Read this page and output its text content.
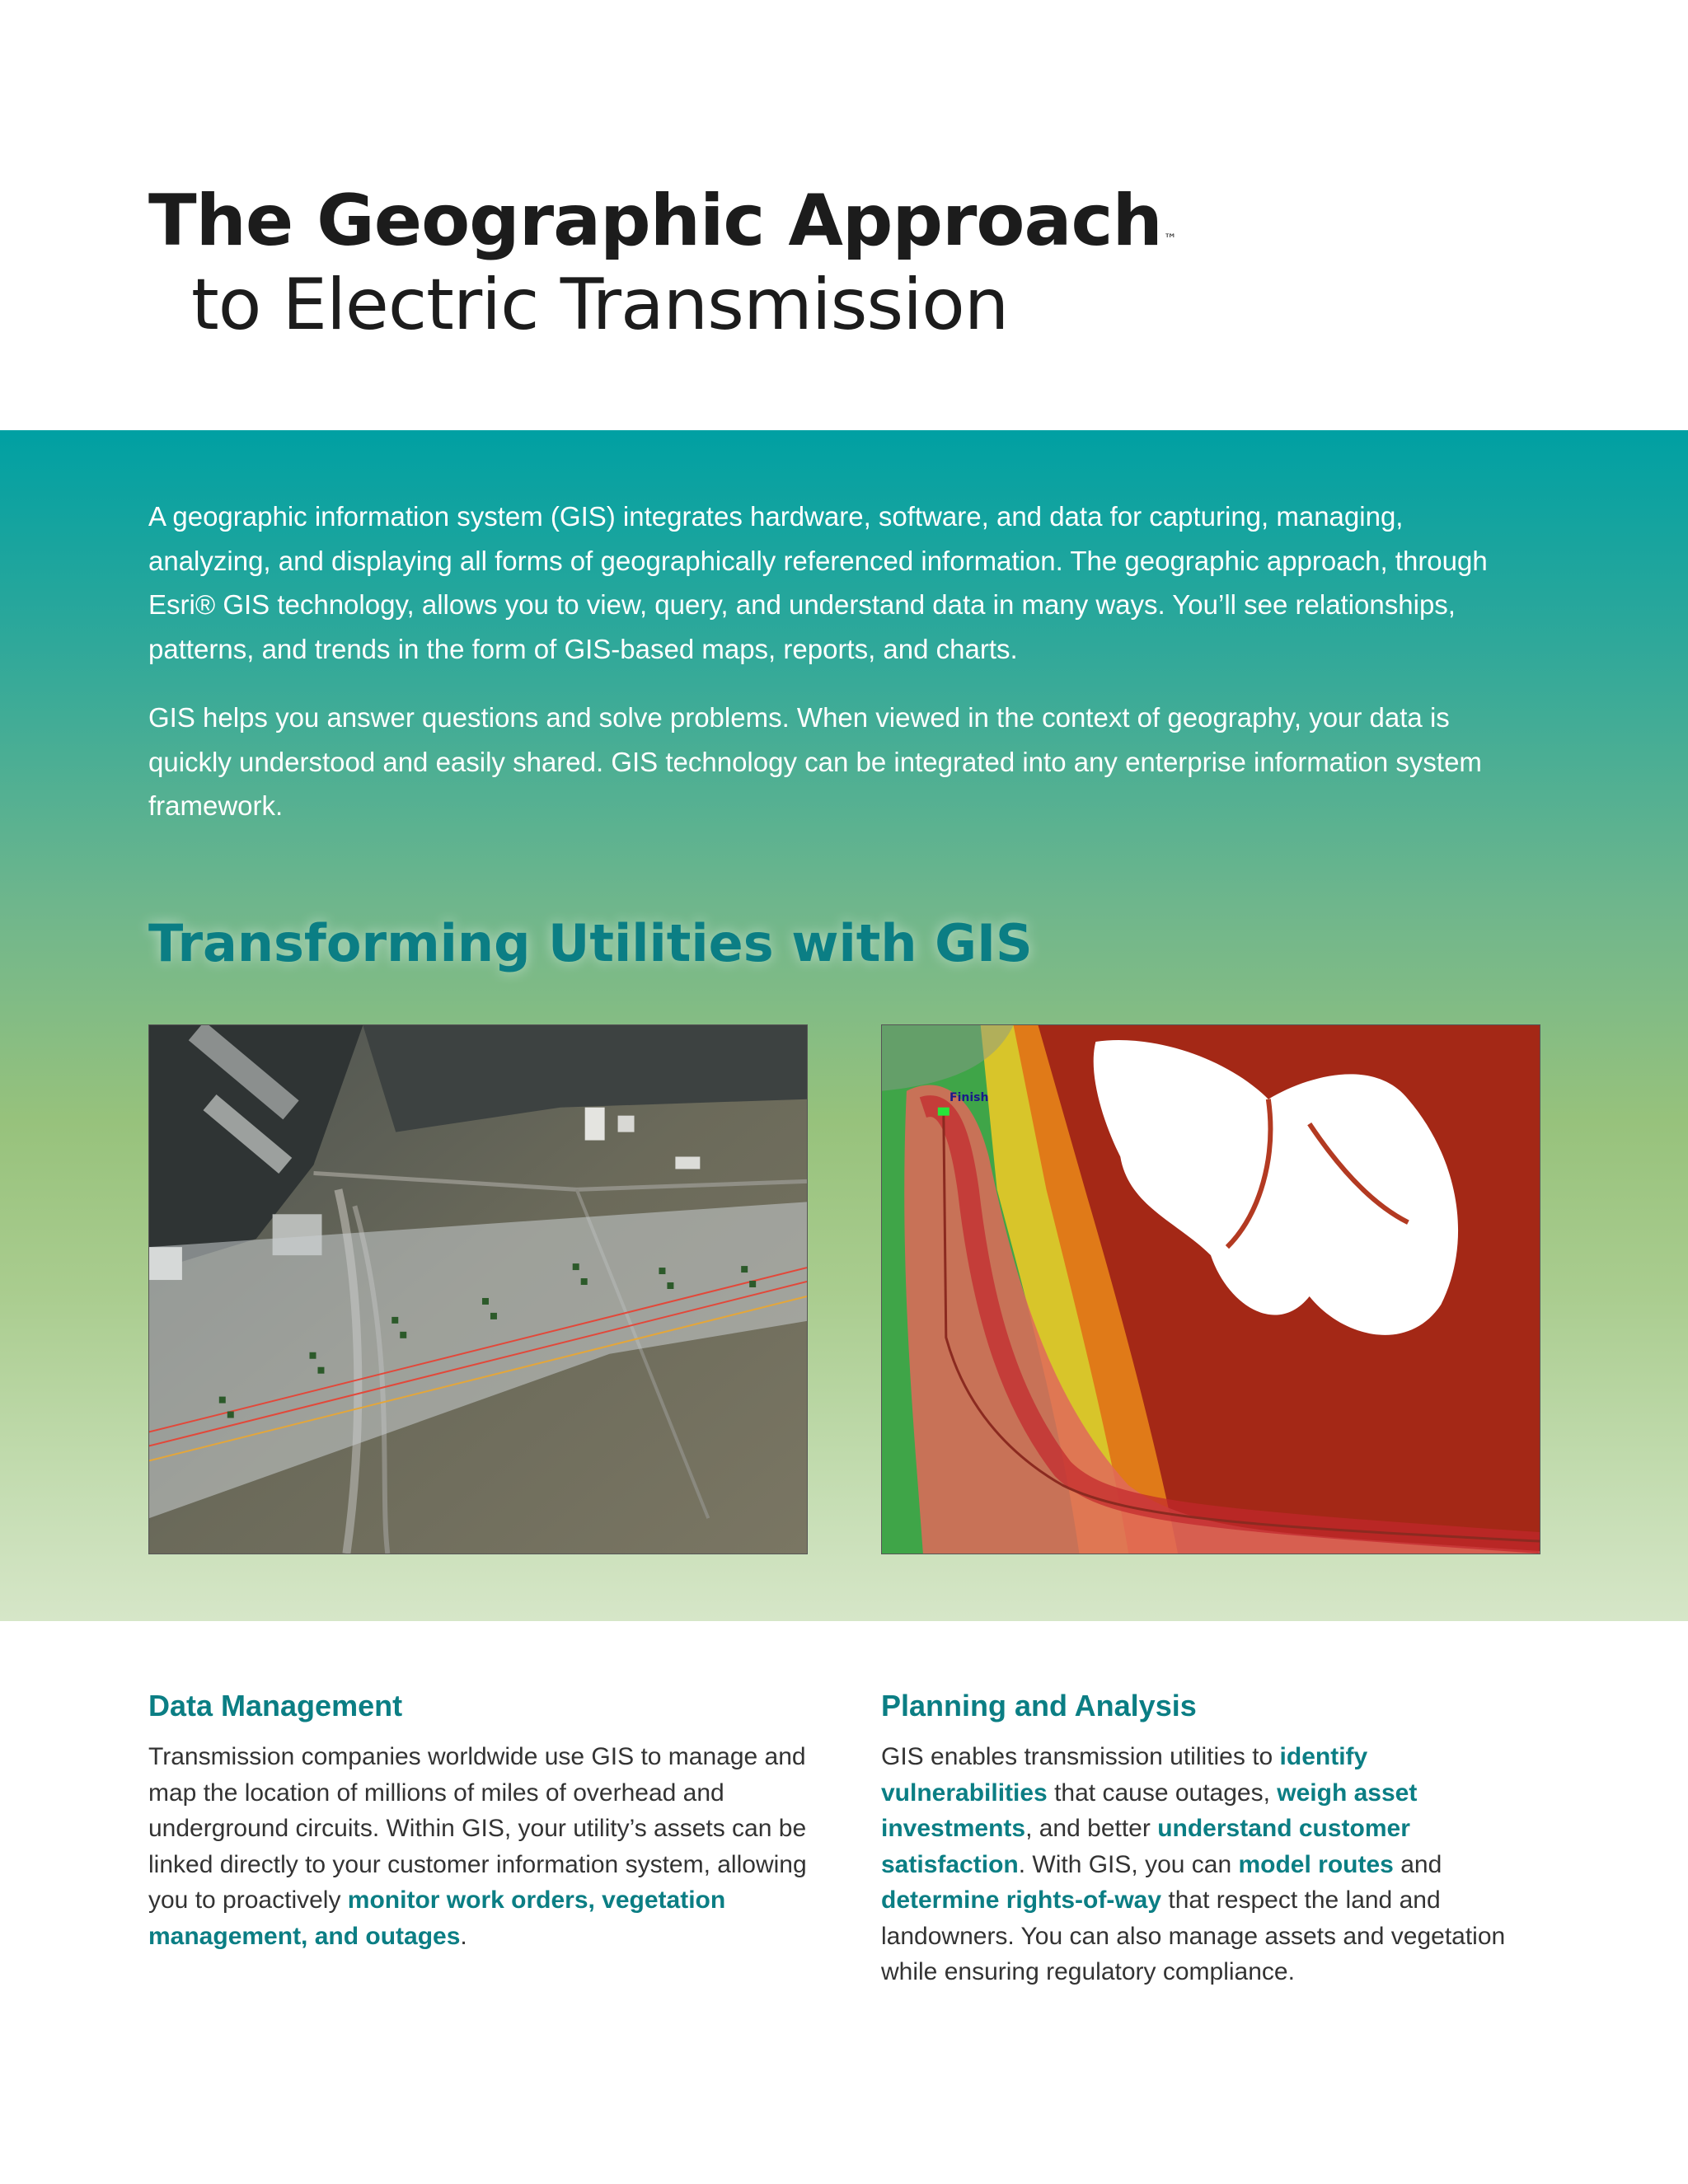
The Geographic Approach ™
to Electric Transmission

A geographic information system (GIS) integrates hardware, software, and data for capturing, managing, analyzing, and displaying all forms of geographically referenced information. The geographic approach, through Esri® GIS technology, allows you to view, query, and understand data in many ways. You’ll see relationships, patterns, and trends in the form of GIS-based maps, reports, and charts.

GIS helps you answer questions and solve problems. When viewed in the context of geography, your data is quickly understood and easily shared. GIS technology can be integrated into any enterprise information system framework.

Transforming Utilities with GIS
Finish
Data Management

Transmission companies worldwide use GIS to manage and map the location of millions of miles of overhead and underground circuits. Within GIS, your utility’s assets can be linked directly to your customer information system, allowing you to proactively monitor work orders, vegetation management, and outages.

Planning and Analysis

GIS enables transmission utilities to identify vulnerabilities that cause outages, weigh asset investments, and better understand customer satisfaction. With GIS, you can model routes and determine rights-of-way that respect the land and landowners. You can also manage assets and vegetation while ensuring regulatory compliance.
